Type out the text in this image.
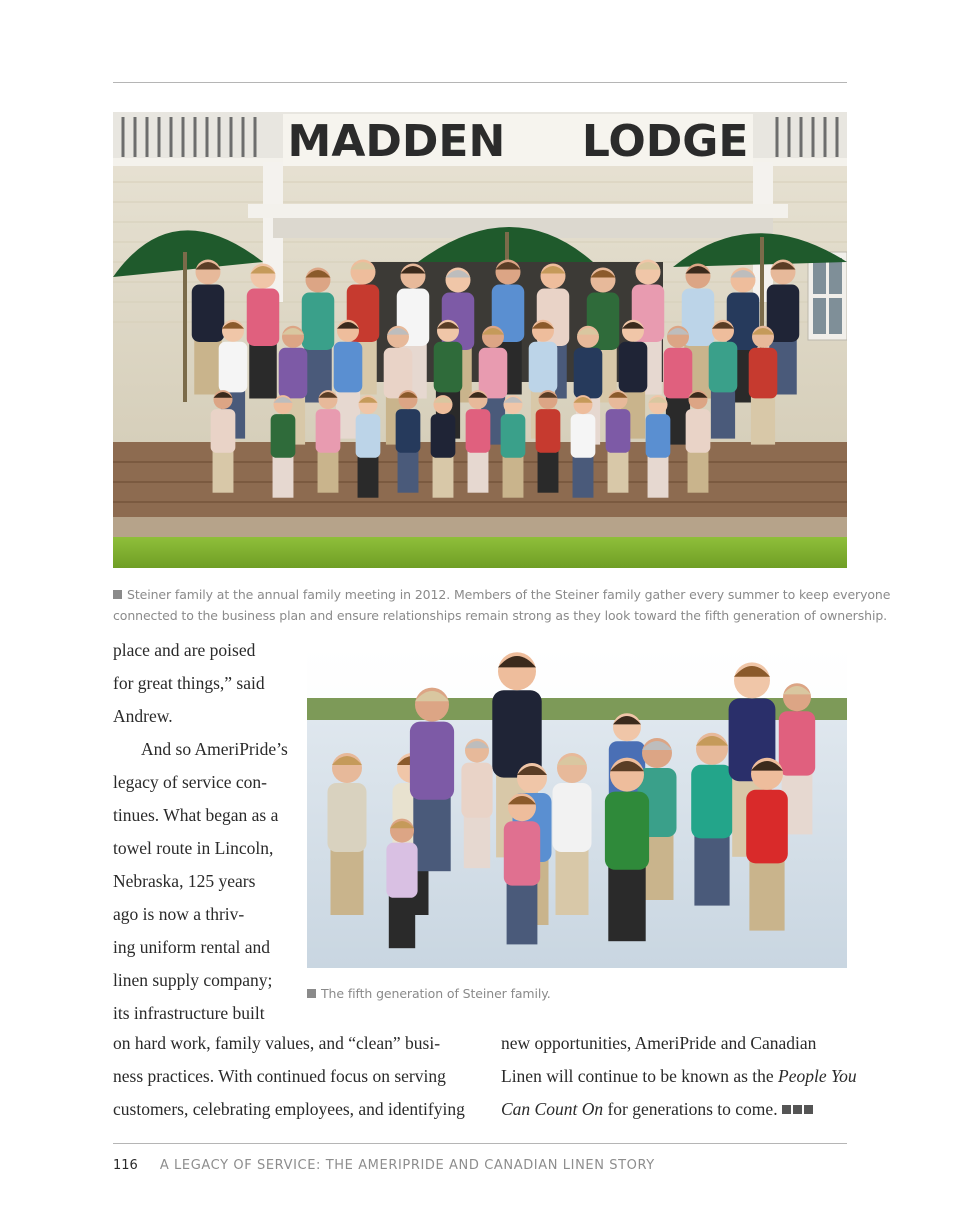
MADDEN     LODGE
Steiner family at the annual family meeting in 2012. Members of the Steiner family gather every summer to keep everyone
connected to the business plan and ensure relationships remain strong as they look toward the fifth generation of ownership.
The fifth generation of Steiner family.
place and are poised
for great things,” said
Andrew.
And so AmeriPride’s
legacy of service con-
tinues. What began as a
towel route in Lincoln,
Nebraska, 125 years
ago is now a thriv-
ing uniform rental and
linen supply company;
its infrastructure built
on hard work, family values, and “clean” busi-
ness practices. With continued focus on serving
customers, celebrating employees, and identifying
new opportunities, AmeriPride and Canadian
Linen will continue to be known as the People You
Can Count On for generations to come.
116 A LEGACY OF SERVICE: THE AMERIPRIDE AND CANADIAN LINEN STORY
